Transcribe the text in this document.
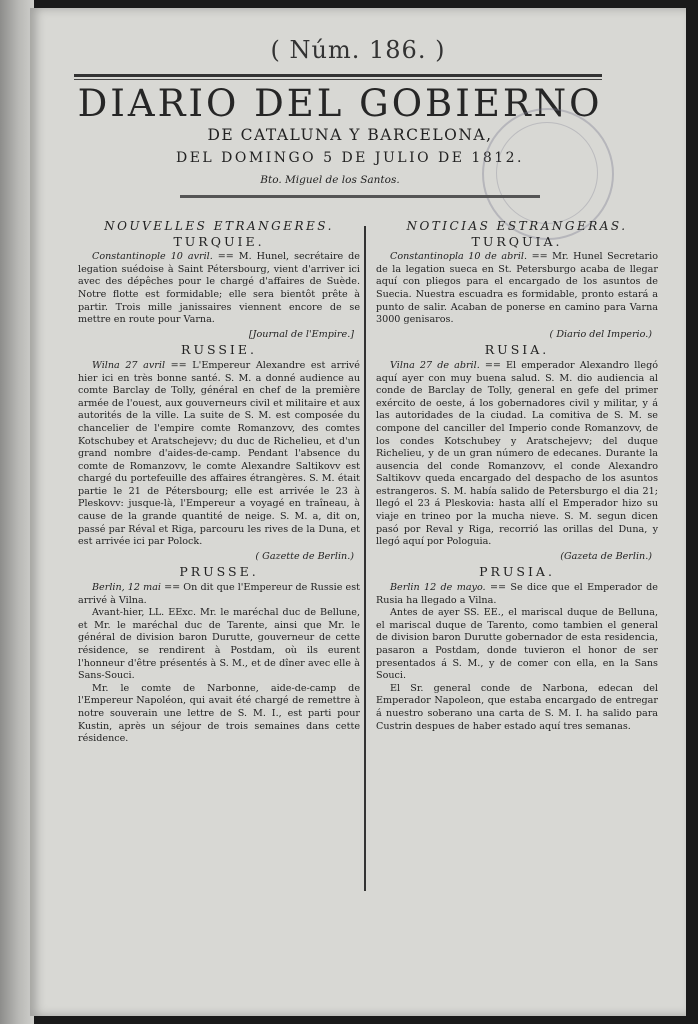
( Núm. 186. )
DIARIO DEL GOBIERNO
DE CATALUNA Y BARCELONA,
DEL DOMINGO 5 DE JULIO DE 1812.
Bto. Miguel de los Santos.
NOUVELLES ETRANGERES.
TURQUIE.

Constantinople 10 avril. == M. Hunel, secrétaire de legation suédoise à Saint Pétersbourg, vient d'arriver ici avec des dépêches pour le chargé d'affaires de Suède. Notre flotte est formidable; elle sera bientôt prête à partir. Trois mille janissaires viennent encore de se mettre en route pour Varna.

[Journal de l'Empire.]

RUSSIE.

Wilna 27 avril == L'Empereur Alexandre est arrivé hier ici en très bonne santé. S. M. a donné audience au comte Barclay de Tolly, général en chef de la première armée de l'ouest, aux gouverneurs civil et militaire et aux autorités de la ville. La suite de S. M. est composée du chancelier de l'empire comte Romanzovv, des comtes Kotschubey et Aratschejevv; du duc de Richelieu, et d'un grand nombre d'aides-de-camp. Pendant l'absence du comte de Romanzovv, le comte Alexandre Saltikovv est chargé du portefeuille des affaires étrangères. S. M. était partie le 21 de Pétersbourg; elle est arrivée le 23 à Pleskovv: jusque-là, l'Empereur a voyagé en traîneau, à cause de la grande quantité de neige. S. M. a, dit on, passé par Réval et Riga, parcouru les rives de la Duna, et est arrivée ici par Polock.

( Gazette de Berlin.)

PRUSSE.

Berlin, 12 mai == On dit que l'Empereur de Russie est arrivé à Vilna.

Avant-hier, LL. EExc. Mr. le maréchal duc de Bellune, et Mr. le maréchal duc de Tarente, ainsi que Mr. le général de division baron Durutte, gouverneur de cette résidence, se rendirent à Postdam, où ils eurent l'honneur d'être présentés à S. M., et de dîner avec elle à Sans-Souci.

Mr. le comte de Narbonne, aide-de-camp de l'Empereur Napoléon, qui avait été chargé de remettre à notre souverain une lettre de S. M. I., est parti pour Kustin, après un séjour de trois semaines dans cette résidence.

NOTICIAS ESTRANGERAS.
TURQUIA.

Constantinopla 10 de abril. == Mr. Hunel Secretario de la legation sueca en St. Petersburgo acaba de llegar aquí con pliegos para el encargado de los asuntos de Suecia. Nuestra escuadra es formidable, pronto estará a punto de salir. Acaban de ponerse en camino para Varna 3000 genisaros.

( Diario del Imperio.)

RUSIA.

Vilna 27 de abril. == El emperador Alexandro llegó aquí ayer con muy buena salud. S. M. dio audiencia al conde de Barclay de Tolly, general en gefe del primer exército de oeste, á los gobernadores civil y militar, y á las autoridades de la ciudad. La comitiva de S. M. se compone del canciller del Imperio conde Romanzovv, de los condes Kotschubey y Aratschejevv; del duque Richelieu, y de un gran número de edecanes. Durante la ausencia del conde Romanzovv, el conde Alexandro Saltikovv queda encargado del despacho de los asuntos estrangeros. S. M. había salido de Petersburgo el dia 21; llegó el 23 á Pleskovia: hasta allí el Emperador hizo su viaje en trineo por la mucha nieve. S. M. segun dicen pasó por Reval y Riga, recorrió las orillas del Duna, y llegó aquí por Pologuia.

(Gazeta de Berlin.)

PRUSIA.

Berlin 12 de mayo. == Se dice que el Emperador de Rusia ha llegado a Vilna.

Antes de ayer SS. EE., el mariscal duque de Belluna, el mariscal duque de Tarento, como tambien el general de division baron Durutte gobernador de esta residencia, pasaron a Postdam, donde tuvieron el honor de ser presentados á S. M., y de comer con ella, en la Sans Souci.

El Sr. general conde de Narbona, edecan del Emperador Napoleon, que estaba encargado de entregar á nuestro soberano una carta de S. M. I. ha salido para Custrin despues de haber estado aquí tres semanas.
